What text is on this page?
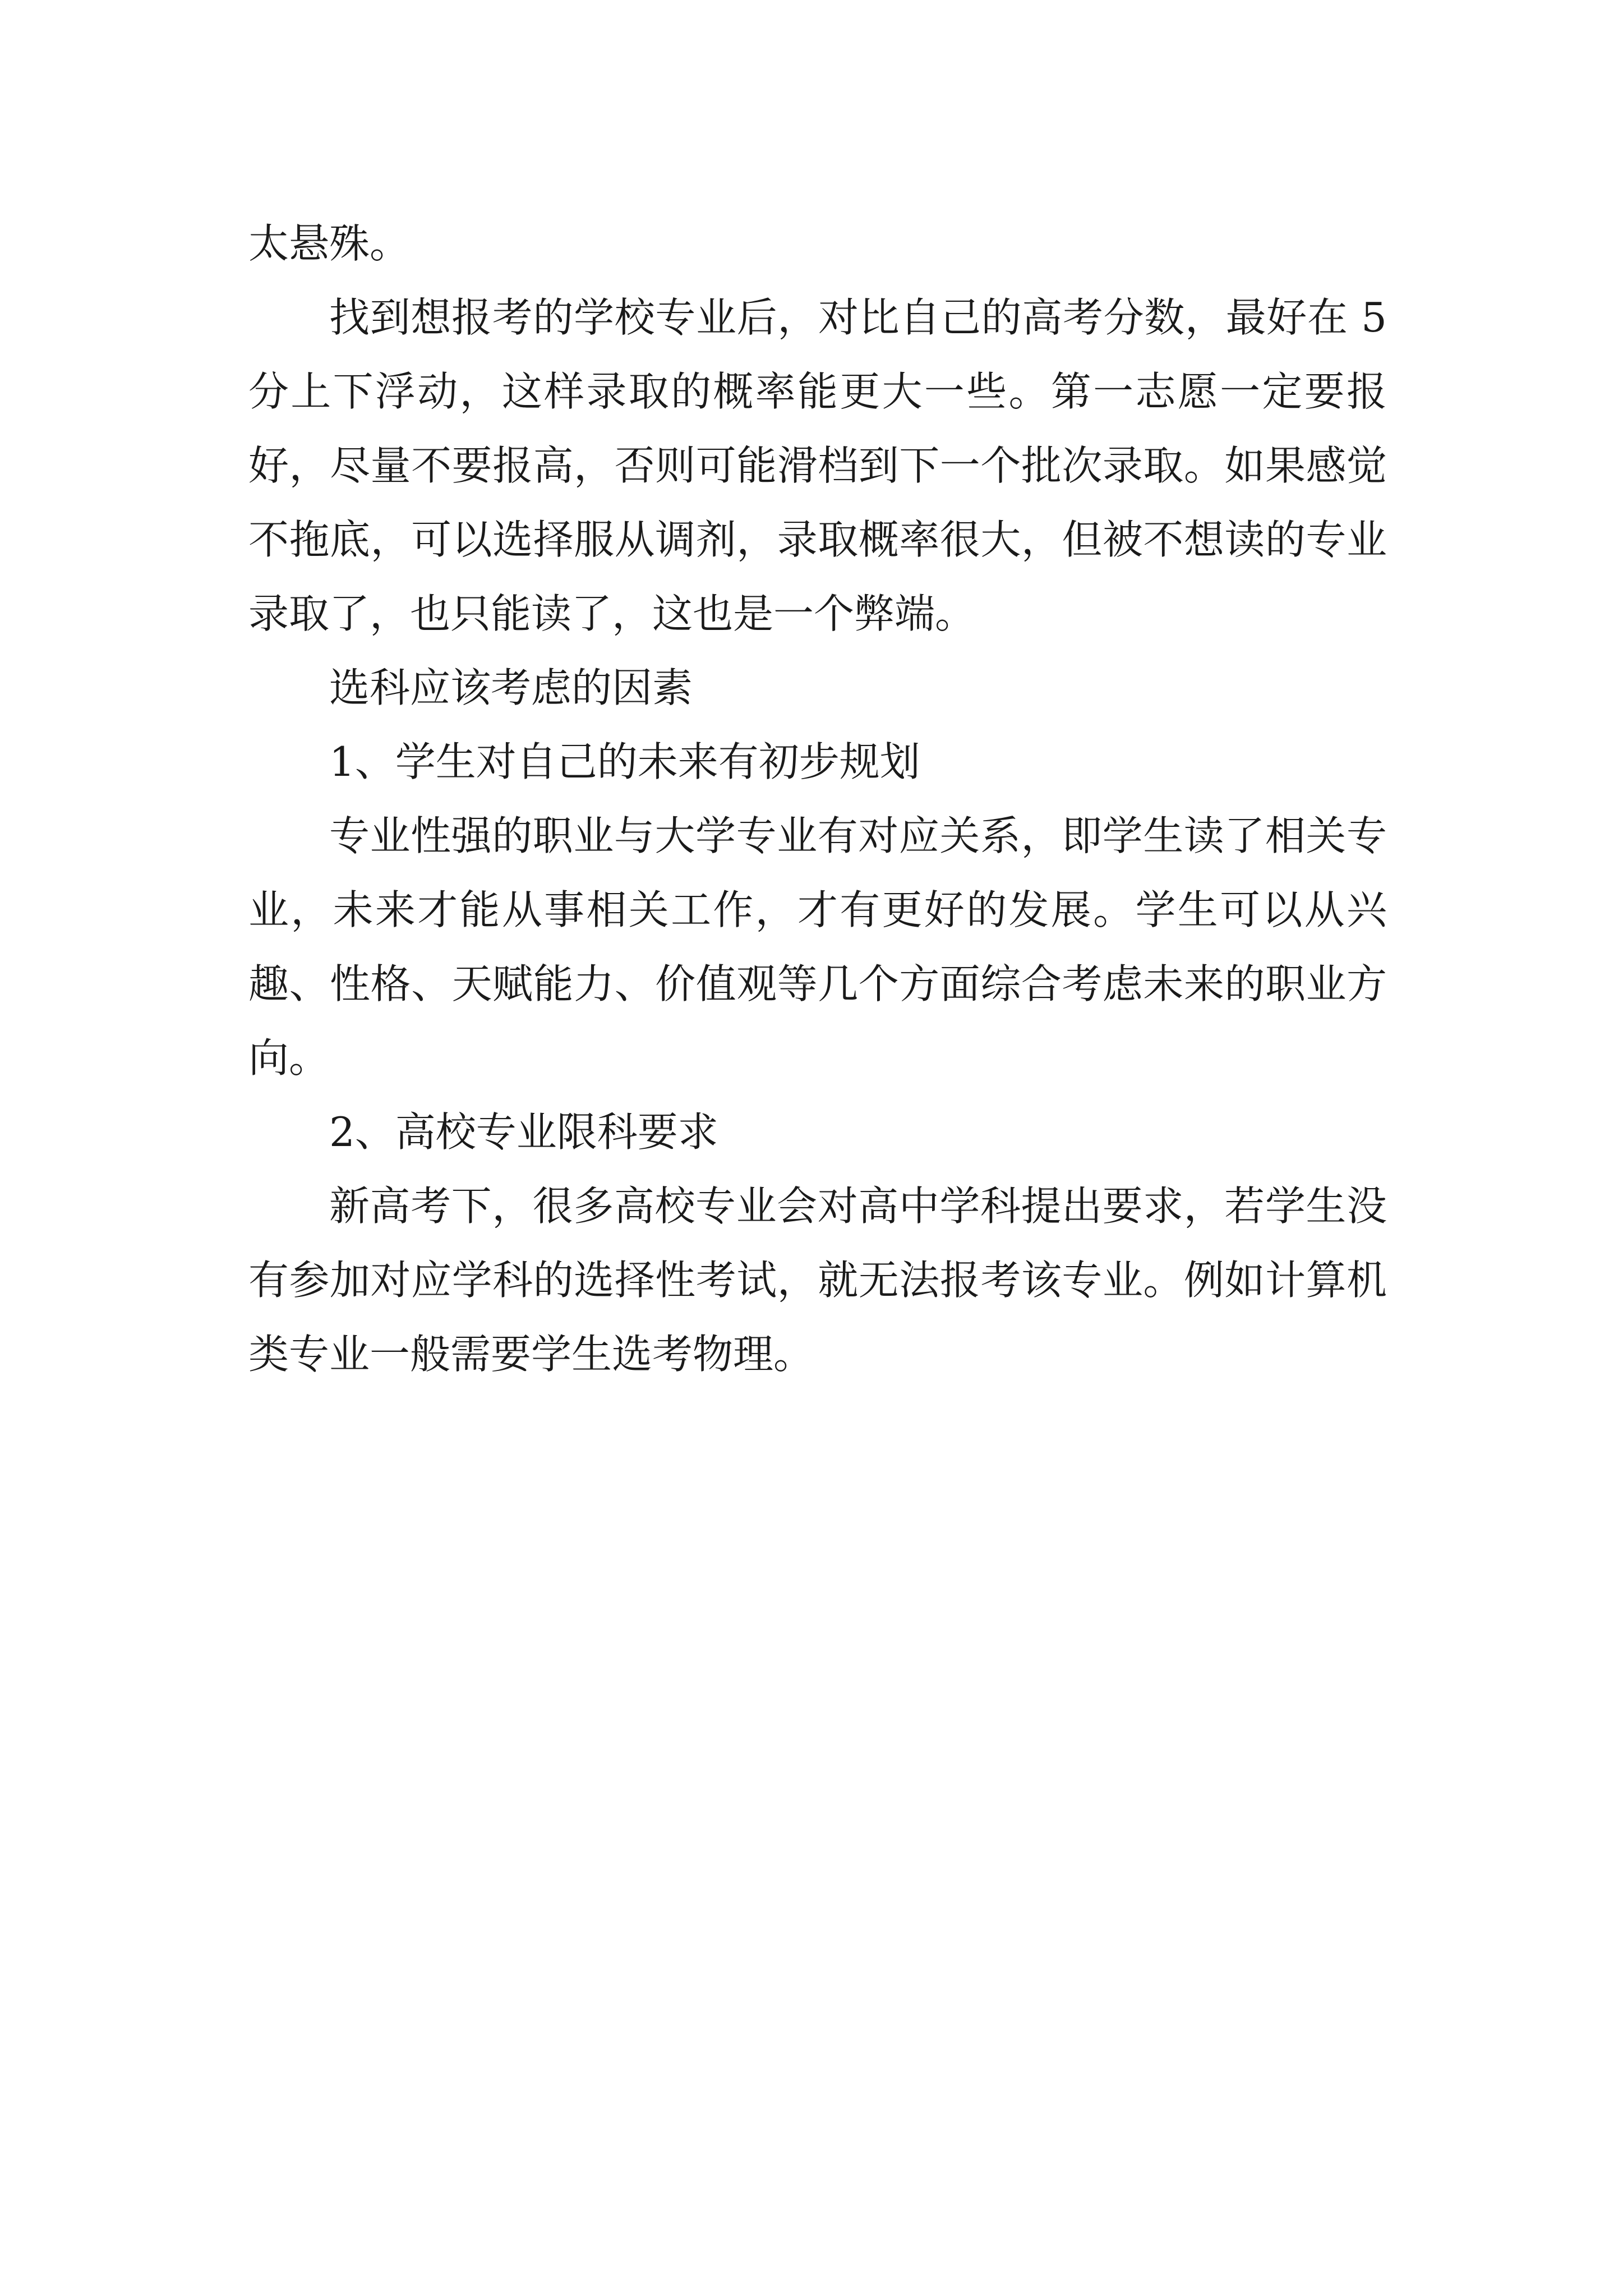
太悬殊。

找到想报考的学校专业后，对比自己的高考分数，最好在 5 分上下浮动，这样录取的概率能更大一些。第一志愿一定要报好，尽量不要报高，否则可能滑档到下一个批次录取。如果感觉不拖底，可以选择服从调剂，录取概率很大，但被不想读的专业录取了，也只能读了，这也是一个弊端。

选科应该考虑的因素

1、学生对自己的未来有初步规划

专业性强的职业与大学专业有对应关系，即学生读了相关专业，未来才能从事相关工作，才有更好的发展。学生可以从兴趣、性格、天赋能力、价值观等几个方面综合考虑未来的职业方向。

2、高校专业限科要求

新高考下，很多高校专业会对高中学科提出要求，若学生没有参加对应学科的选择性考试，就无法报考该专业。例如计算机类专业一般需要学生选考物理。
